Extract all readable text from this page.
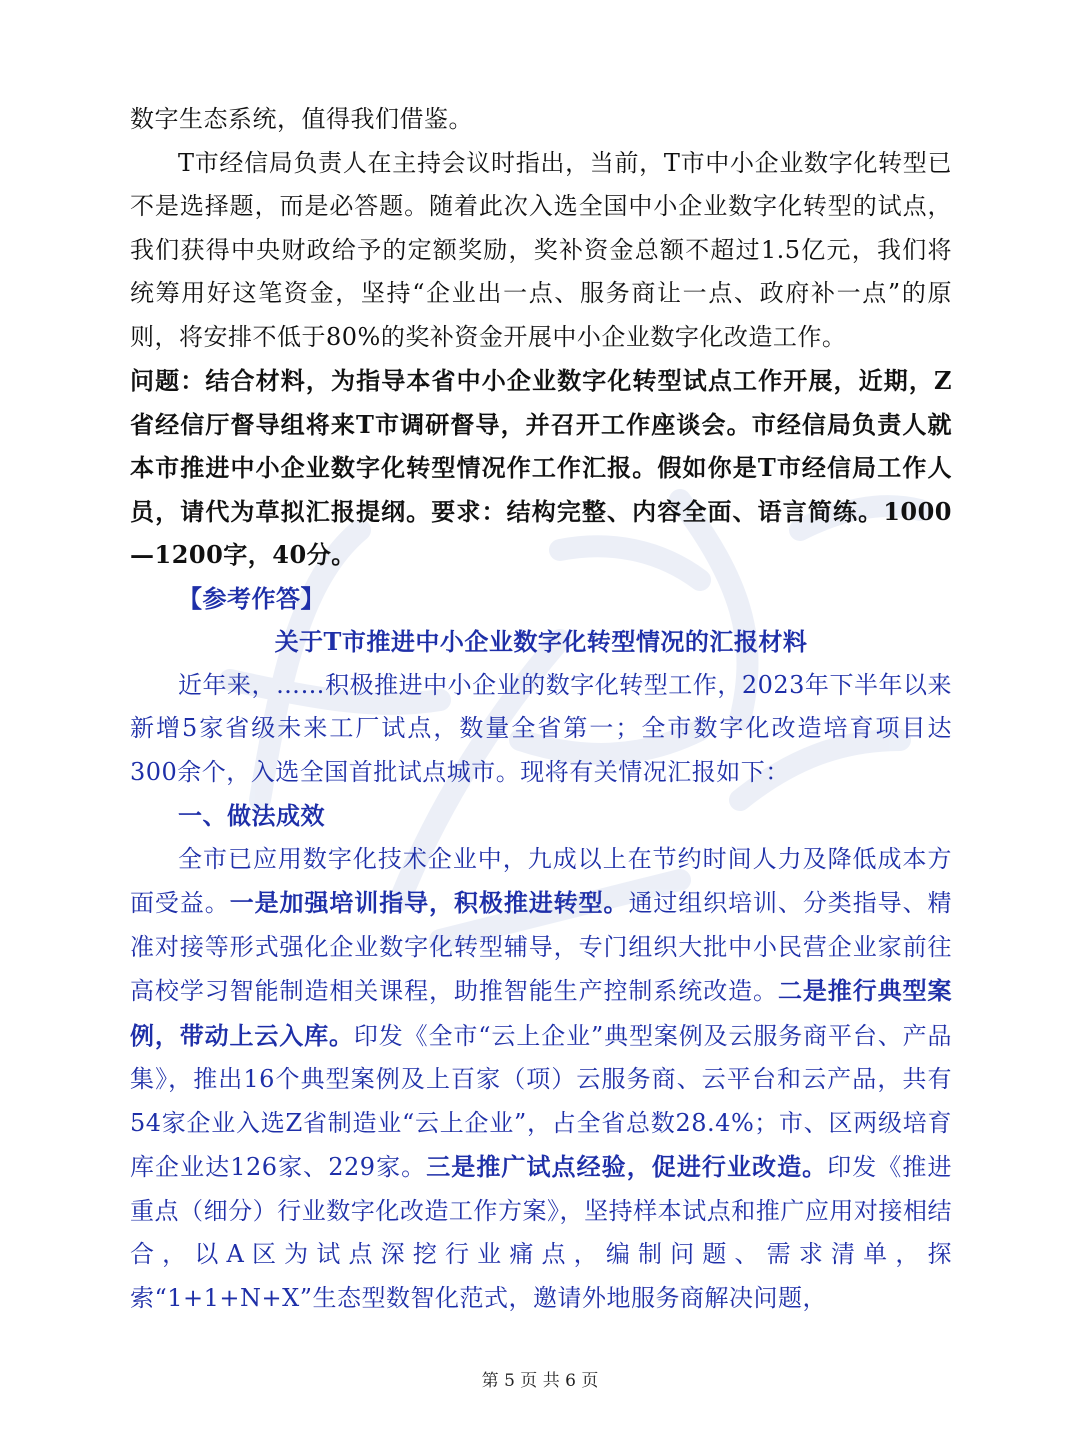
数字生态系统，值得我们借鉴。

T市经信局负责人在主持会议时指出，当前，T市中小企业数字化转型已不是选择题，而是必答题。随着此次入选全国中小企业数字化转型的试点，我们获得中央财政给予的定额奖励，奖补资金总额不超过1.5亿元，我们将统筹用好这笔资金，坚持“企业出一点、服务商让一点、政府补一点”的原则，将安排不低于80%的奖补资金开展中小企业数字化改造工作。

问题：结合材料，为指导本省中小企业数字化转型试点工作开展，近期，Z省经信厅督导组将来T市调研督导，并召开工作座谈会。市经信局负责人就本市推进中小企业数字化转型情况作工作汇报。假如你是T市经信局工作人员，请代为草拟汇报提纲。要求：结构完整、内容全面、语言简练。1000—1200字，40分。

【参考作答】

关于T市推进中小企业数字化转型情况的汇报材料

近年来，……积极推进中小企业的数字化转型工作，2023年下半年以来新增5家省级未来工厂试点，数量全省第一；全市数字化改造培育项目达300余个，入选全国首批试点城市。现将有关情况汇报如下：

一、做法成效

全市已应用数字化技术企业中，九成以上在节约时间人力及降低成本方面受益。一是加强培训指导，积极推进转型。通过组织培训、分类指导、精准对接等形式强化企业数字化转型辅导，专门组织大批中小民营企业家前往高校学习智能制造相关课程，助推智能生产控制系统改造。二是推行典型案例，带动上云入库。印发《全市“云上企业”典型案例及云服务商平台、产品集》，推出16个典型案例及上百家（项）云服务商、云平台和云产品，共有54家企业入选Z省制造业“云上企业”，占全省总数28.4%；市、区两级培育库企业达126家、229家。三是推广试点经验，促进行业改造。印发《推进重点（细分）行业数字化改造工作方案》，坚持样本试点和推广应用对接相结合，以A区为试点深挖行业痛点，编制问题、需求清单，探索“1+1+N+X”生态型数智化范式，邀请外地服务商解决问题，

第 5 页 共 6 页
